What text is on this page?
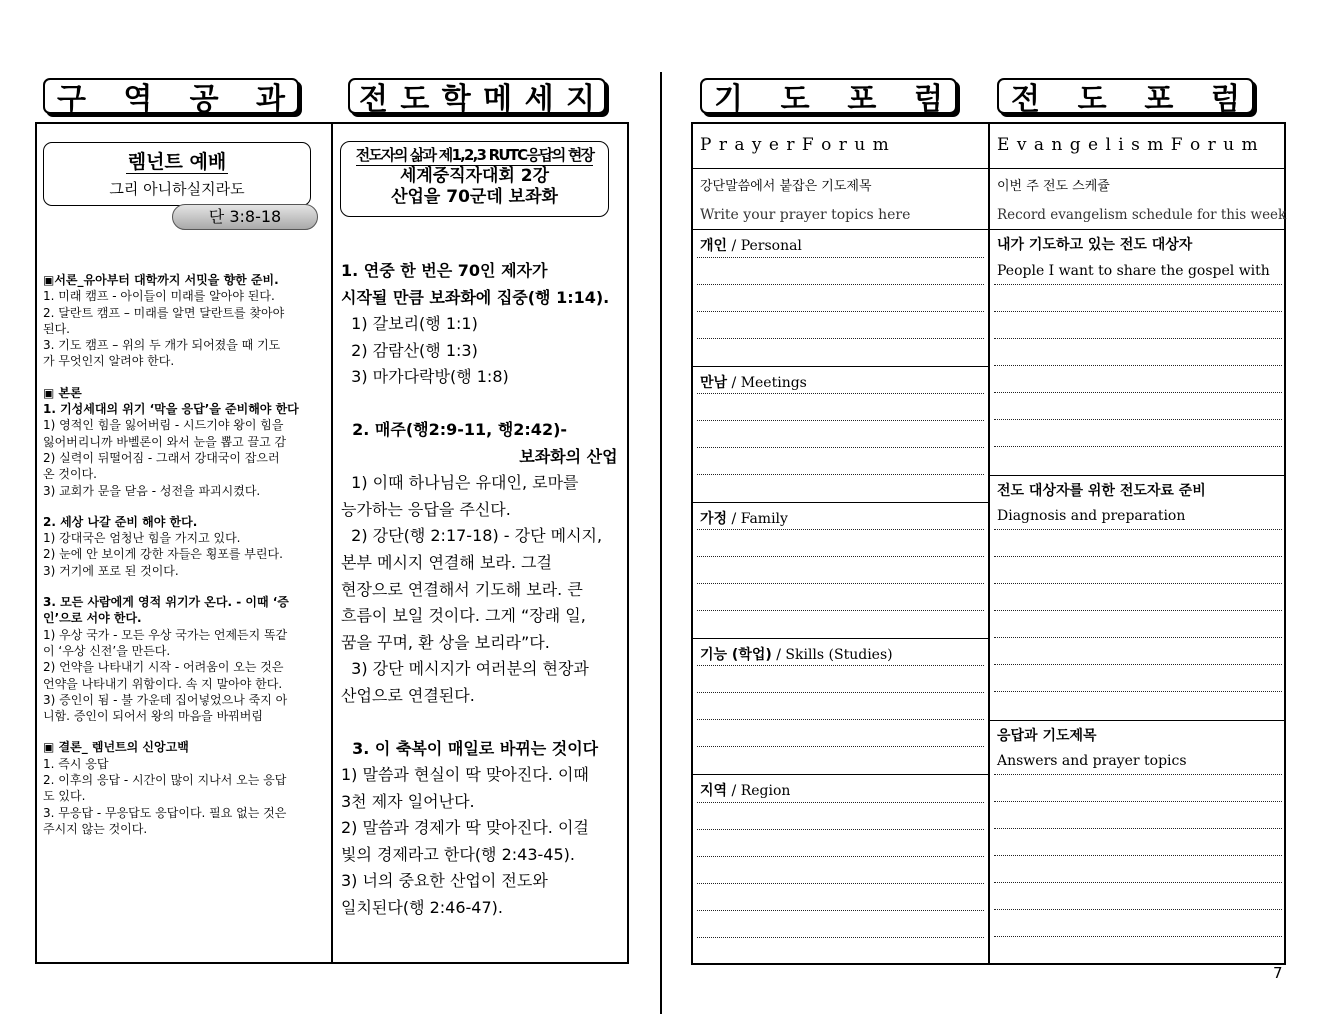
구 역 공 과 전 도 학 메 세 지
렘넌트 예배
그리 아니하실지라도
단 3:8-18
▣서론_유아부터 대학까지 서밋을 향한 준비.
1. 미래 캠프 - 아이들이 미래를 알아야 된다.
2. 달란트 캠프 – 미래를 알면 달란트를 찾아야
된다.
3. 기도 캠프 – 위의 두 개가 되어졌을 때 기도
가 무엇인지 알려야 한다.
▣ 본론
1. 기성세대의 위기 ‘막을 응답’을 준비해야 한다
1) 영적인 힘을 잃어버림 - 시드기야 왕이 힘을
잃어버리니까 바벨론이 와서 눈을 뽑고 끌고 감
2) 실력이 뒤떨어짐 - 그래서 강대국이 잡으러
온 것이다.
3) 교회가 문을 닫음 - 성전을 파괴시켰다.
2. 세상 나갈 준비 해야 한다.
1) 강대국은 엄청난 힘을 가지고 있다.
2) 눈에 안 보이게 강한 자들은 횡포를 부린다.
3) 거기에 포로 된 것이다.
3. 모든 사람에게 영적 위기가 온다. - 이때 ‘증
인’으로 서야 한다.
1) 우상 국가 - 모든 우상 국가는 언제든지 똑같
이 ‘우상 신전’을 만든다.
2) 언약을 나타내기 시작 - 어려움이 오는 것은
언약을 나타내기 위함이다. 속 지 말아야 한다.
3) 증인이 됨 - 불 가운데 집어넣었으나 죽지 아
니함. 증인이 되어서 왕의 마음을 바꿔버림
▣ 결론_ 렘넌트의 신앙고백
1. 즉시 응답
2. 이후의 응답 - 시간이 많이 지나서 오는 응답
도 있다.
3. 무응답 - 무응답도 응답이다. 필요 없는 것은
주시지 않는 것이다.
전도자의 삶과 제1,2,3 RUTC응답의 현장
세계중직자대회 2강
산업을 70군데 보좌화
1. 연중 한 번은 70인 제자가
시작될 만큼 보좌화에 집중(행 1:14).
1) 갈보리(행 1:1)
2) 감람산(행 1:3)
3) 마가다락방(행 1:8)
2. 매주(행2:9-11, 행2:42)-
보좌화의 산업
1) 이때 하나님은 유대인, 로마를
능가하는 응답을 주신다.
2) 강단(행 2:17-18) - 강단 메시지,
본부 메시지 연결해 보라. 그걸
현장으로 연결해서 기도해 보라. 큰
흐름이 보일 것이다. 그게 “장래 일,
꿈을 꾸며, 환 상을 보리라”다.
3) 강단 메시지가 여러분의 현장과
산업으로 연결된다.
3. 이 축복이 매일로 바뀌는 것이다
1) 말씀과 현실이 딱 맞아진다. 이때
3천 제자 일어난다.
2) 말씀과 경제가 딱 맞아진다. 이걸
빛의 경제라고 한다(행 2:43-45).
3) 너의 중요한 산업이 전도와
일치된다(행 2:46-47).
기 도 포 럼 전 도 포 럼
P r a y e r F o r u m	E v a n g e l i s m F o r u m
강단말씀에서 붙잡은 기도제목
Write your prayer topics here
이번 주 전도 스케쥴
Record evangelism schedule for this week
개인 / Personal
만남 / Meetings
가정 / Family
기능 (학업) / Skills (Studies)
지역 / Region
내가 기도하고 있는 전도 대상자
People I want to share the gospel with
전도 대상자를 위한 전도자료 준비
Diagnosis and preparation
응답과 기도제목
Answers and prayer topics
7
